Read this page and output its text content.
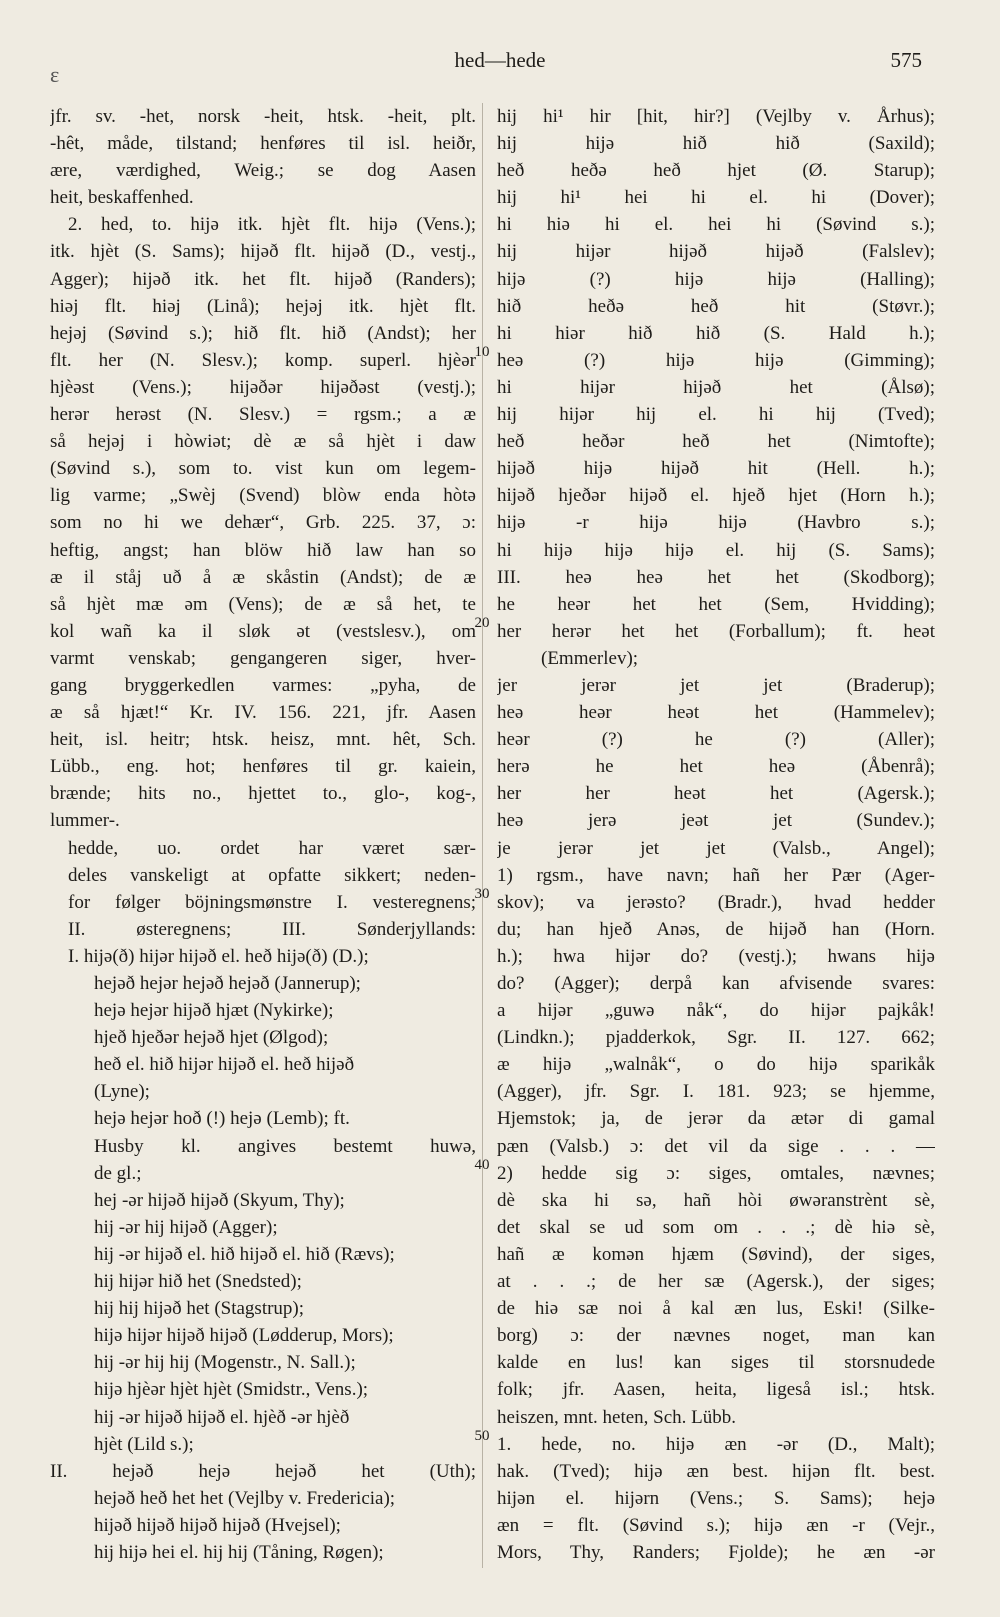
ɛ
hed—hede	575
jfr. sv. -het, norsk -heit, htsk. -heit, plt.
-hêt, måde, tilstand; henføres til isl. heiðr,
ære, værdighed, Weig.; se dog Aasen
heit, beskaffenhed.
2. hed, to. hijə itk. hjèt flt. hijə (Vens.);
itk. hjèt (S. Sams); hijəð flt. hijəð (D., vestj.,
Agger); hijəð itk. het flt. hijəð (Randers);
hiəj flt. hiəj (Linå); hejəj itk. hjèt flt.
hejəj (Søvind s.); hið flt. hið (Andst); her
flt. her (N. Slesv.); komp. superl. hjèər
hjèəst (Vens.); hijəðər hijəðəst (vestj.);
herər herəst (N. Slesv.) = rgsm.; a æ
så hejəj i hòwiət; dè æ så hjèt i daw
(Søvind s.), som to. vist kun om legem-
lig varme; „Swèj (Svend) blòw enda hòtə
som no hi we dehær“, Grb. 225. 37, ɔ:
heftig, angst; han blöw hið law han so
æ il ståj uð å æ skåstin (Andst); de æ
så hjèt mæ əm (Vens); de æ så het, te
kol wañ ka il sløk ət (vestslesv.), om
varmt venskab; gengangeren siger, hver-
gang bryggerkedlen varmes: „pyha, de
æ så hjæt!“ Kr. IV. 156. 221, jfr. Aasen
heit, isl. heitr; htsk. heisz, mnt. hêt, Sch.
Lübb., eng. hot; henføres til gr. kaiein,
brænde; hits no., hjettet to., glo-, kog-,
lummer-.
hedde, uo. ordet har været sær-
deles vanskeligt at opfatte sikkert; neden-
for følger böjningsmønstre I. vesteregnens;
II. østeregnens; III. Sønderjyllands:
I. hijə(ð) hijər hijəð el. heð hijə(ð) (D.);
hejəð hejər hejəð hejəð (Jannerup);
hejə hejər hijəð hjæt (Nykirke);
hjeð hjeðər hejəð hjet (Ølgod);
heð el. hið hijər hijəð el. heð hijəð
(Lyne);
hejə hejər hoð (!) hejə (Lemb); ft.
Husby kl. angives bestemt huwə,
de gl.;
hej -ər hijəð hijəð (Skyum, Thy);
hij -ər hij hijəð (Agger);
hij -ər hijəð el. hið hijəð el. hið (Rævs);
hij hijər hið het (Snedsted);
hij hij hijəð het (Stagstrup);
hijə hijər hijəð hijəð (Lødderup, Mors);
hij -ər hij hij (Mogenstr., N. Sall.);
hijə hjèər hjèt hjèt (Smidstr., Vens.);
hij -ər hijəð hijəð el. hjèð -ər hjèð
hjèt (Lild s.);
II. hejəð hejə hejəð het (Uth);
hejəð heð het het (Vejlby v. Fredericia);
hijəð hijəð hijəð hijəð (Hvejsel);
hij hijə hei el. hij hij (Tåning, Røgen);
hij hi¹ hir [hit, hir?] (Vejlby v. Århus);
hij hijə hið hið (Saxild);
heð heðə heð hjet (Ø. Starup);
hij hi¹ hei hi el. hi (Dover);
hi hiə hi el. hei hi (Søvind s.);
hij hijər hijəð hijəð (Falslev);
hijə (?) hijə hijə (Halling);
hið heðə heð hit (Støvr.);
hi hiər hið hið (S. Hald h.);
heə (?) hijə hijə (Gimming);
hi hijər hijəð het (Ålsø);
hij hijər hij el. hi hij (Tved);
heð heðər heð het (Nimtofte);
hijəð hijə hijəð hit (Hell. h.);
hijəð hjeðər hijəð el. hjeð hjet (Horn h.);
hijə -r hijə hijə (Havbro s.);
hi hijə hijə hijə el. hij (S. Sams);
III. heə heə het het (Skodborg);
he heər het het (Sem, Hvidding);
her herər het het (Forballum); ft. heət
(Emmerlev);
jer jerər jet jet (Braderup);
heə heər heət het (Hammelev);
heər (?) he (?) (Aller);
herə he het heə (Åbenrå);
her her heət het (Agersk.);
heə jerə jeət jet (Sundev.);
je jerər jet jet (Valsb., Angel);
1) rgsm., have navn; hañ her Pær (Ager-
skov); va jerəsto? (Bradr.), hvad hedder
du; han hjeð Anəs, de hijəð han (Horn.
h.); hwa hijər do? (vestj.); hwans hijə
do? (Agger); derpå kan afvisende svares:
a hijər „guwə nåk“, do hijər pajkåk!
(Lindkn.); pjadderkok, Sgr. II. 127. 662;
æ hijə „walnåk“, o do hijə sparikåk
(Agger), jfr. Sgr. I. 181. 923; se hjemme,
Hjemstok; ja, de jerər da ætər di gamal
pæn (Valsb.) ɔ: det vil da sige . . . —
2) hedde sig ɔ: siges, omtales, nævnes;
dè ska hi sə, hañ hòi øwəranstrènt sè,
det skal se ud som om . . .; dè hiə sè,
hañ æ komən hjæm (Søvind), der siges,
at . . .; de her sæ (Agersk.), der siges;
de hiə sæ noi å kal æn lus, Eski! (Silke-
borg) ɔ: der nævnes noget, man kan
kalde en lus! kan siges til storsnudede
folk; jfr. Aasen, heita, ligeså isl.; htsk.
heiszen, mnt. heten, Sch. Lübb.
1. hede, no. hijə æn -ər (D., Malt);
hak. (Tved); hijə æn best. hijən flt. best.
hijən el. hijərn (Vens.; S. Sams); hejə
æn = flt. (Søvind s.); hijə æn -r (Vejr.,
Mors, Thy, Randers; Fjolde); he æn -ər
10
20
30
40
50
